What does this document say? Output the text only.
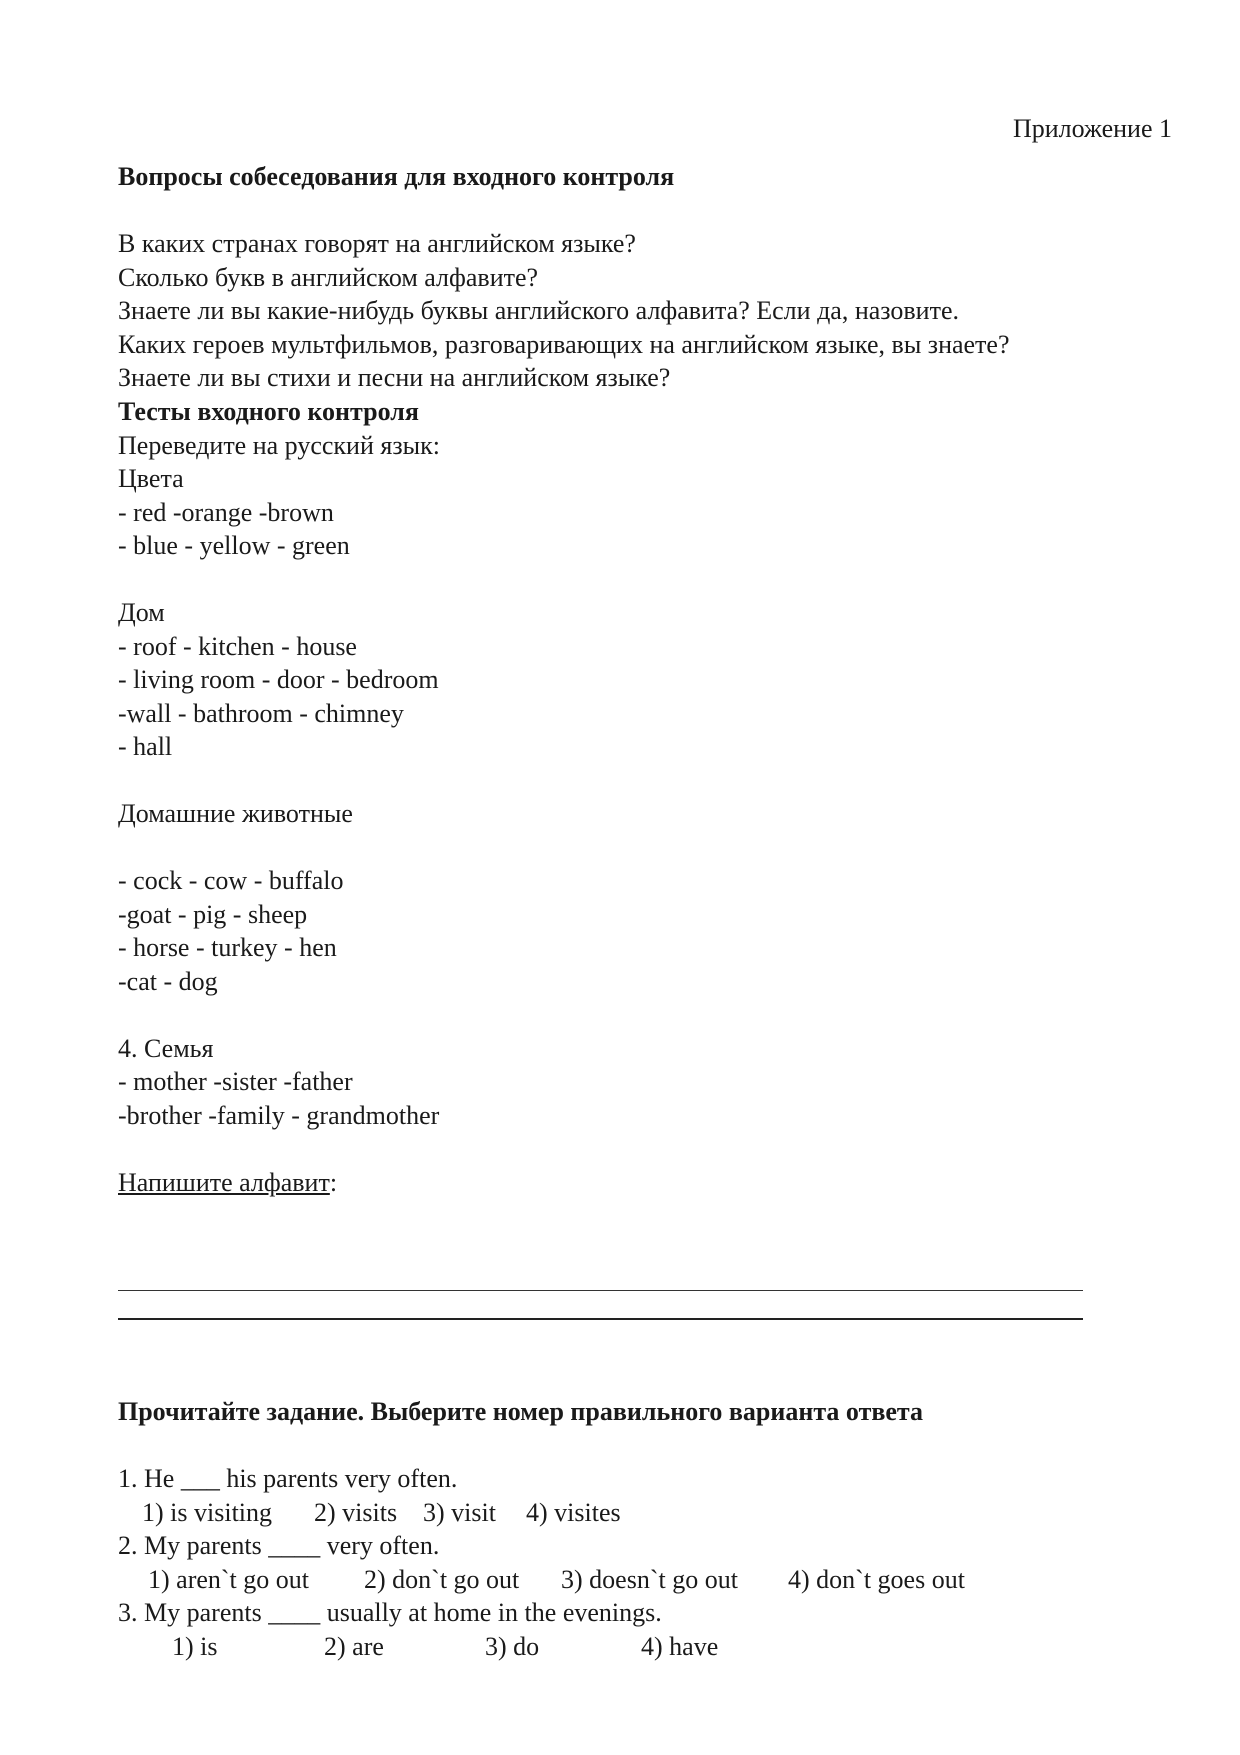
Приложение 1
Вопросы собеседования для входного контроля
В каких странах говорят на английском языке?
Сколько букв в английском алфавите?
Знаете ли вы какие-нибудь буквы английского алфавита? Если да, назовите.
Каких героев мультфильмов, разговаривающих на английском языке, вы знаете?
Знаете ли вы стихи и песни на английском языке?
Тесты входного контроля
Переведите на русский язык:
Цвета
- red -orange -brown
- blue - yellow - green
Дом
- roof - kitchen - house
- living room - door - bedroom
-wall - bathroom - chimney
- hall
Домашние животные
- cock - cow - buffalo
-goat - pig - sheep
- horse - turkey - hen
-cat - dog
4. Семья
- mother -sister -father
-brother -family - grandmother
Напишите алфавит:
Прочитайте задание. Выберите номер правильного варианта ответа
1. He ___ his parents very often.
1) is visiting 2) visits 3) visit 4) visites
2. My parents ____ very often.
1) aren`t go out 2) don`t go out 3) doesn`t go out 4) don`t goes out
3. My parents ____ usually at home in the evenings.
1) is	2) are	3) do	4) have
